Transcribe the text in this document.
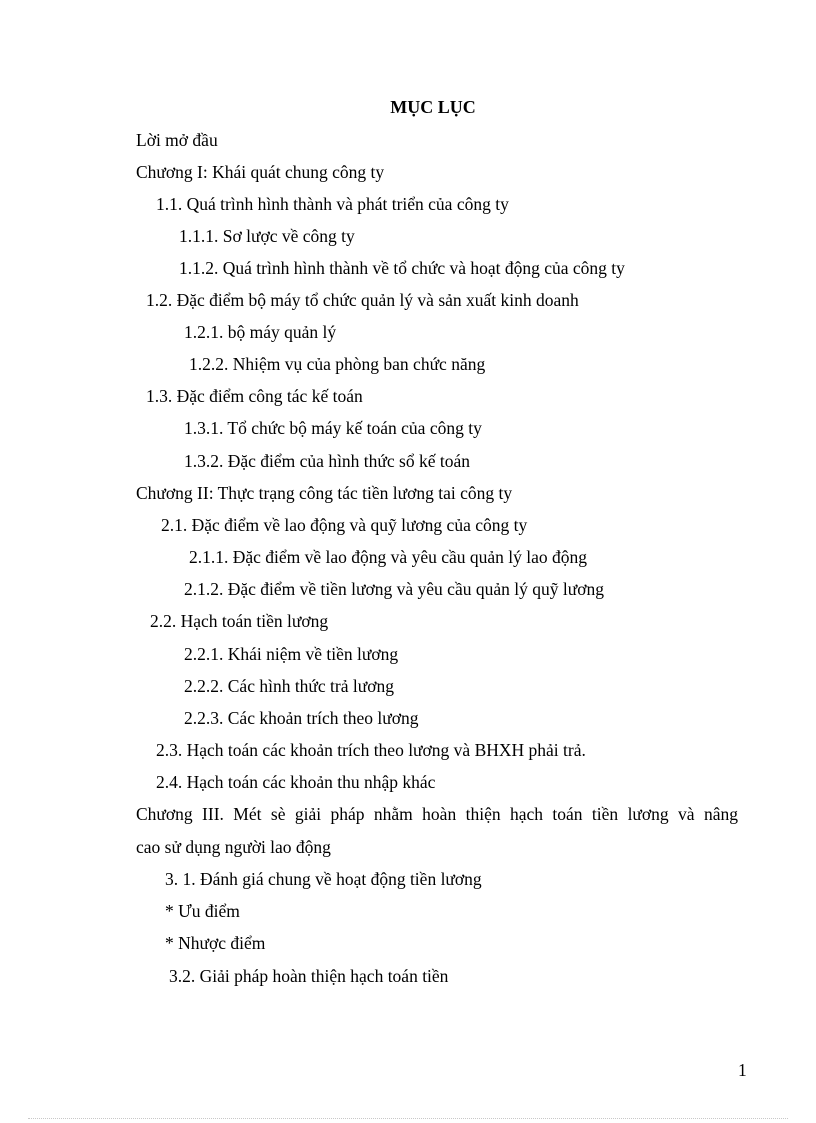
MỤC LỤC
Lời mở đầu
Chương I: Khái quát chung công ty
1.1. Quá trình hình thành và phát triển của công ty
1.1.1. Sơ lược về công ty
1.1.2. Quá trình hình thành về tổ chức và hoạt động của công ty
1.2. Đặc điểm bộ máy tổ chức quản lý và sản xuất kinh doanh
1.2.1. bộ máy quản lý
1.2.2. Nhiệm vụ của phòng ban chức năng
1.3. Đặc điểm công tác kế toán
1.3.1. Tổ chức bộ máy kế toán của công ty
1.3.2. Đặc điểm của hình thức sổ kế toán
Chương II: Thực trạng công tác tiền lương tai công ty
2.1. Đặc điểm về lao động và quỹ lương của công ty
2.1.1. Đặc điểm về lao động và yêu cầu quản lý lao động
2.1.2. Đặc điểm về tiền lương và yêu cầu quản lý quỹ lương
2.2. Hạch toán tiền lương
2.2.1. Khái niệm về tiền lương
2.2.2. Các hình thức trả lương
2.2.3. Các khoản trích theo lương
2.3. Hạch toán các khoản trích theo lương và BHXH phải trả.
2.4. Hạch toán các khoản thu nhập khác
Chương III. Mét sè giải pháp nhằm hoàn thiện hạch toán tiền lương và nâng
cao sử dụng người lao động
3. 1. Đánh giá chung về hoạt động tiền lương
* Ưu điểm
* Nhược điểm
3.2. Giải pháp hoàn thiện hạch toán tiền
1
